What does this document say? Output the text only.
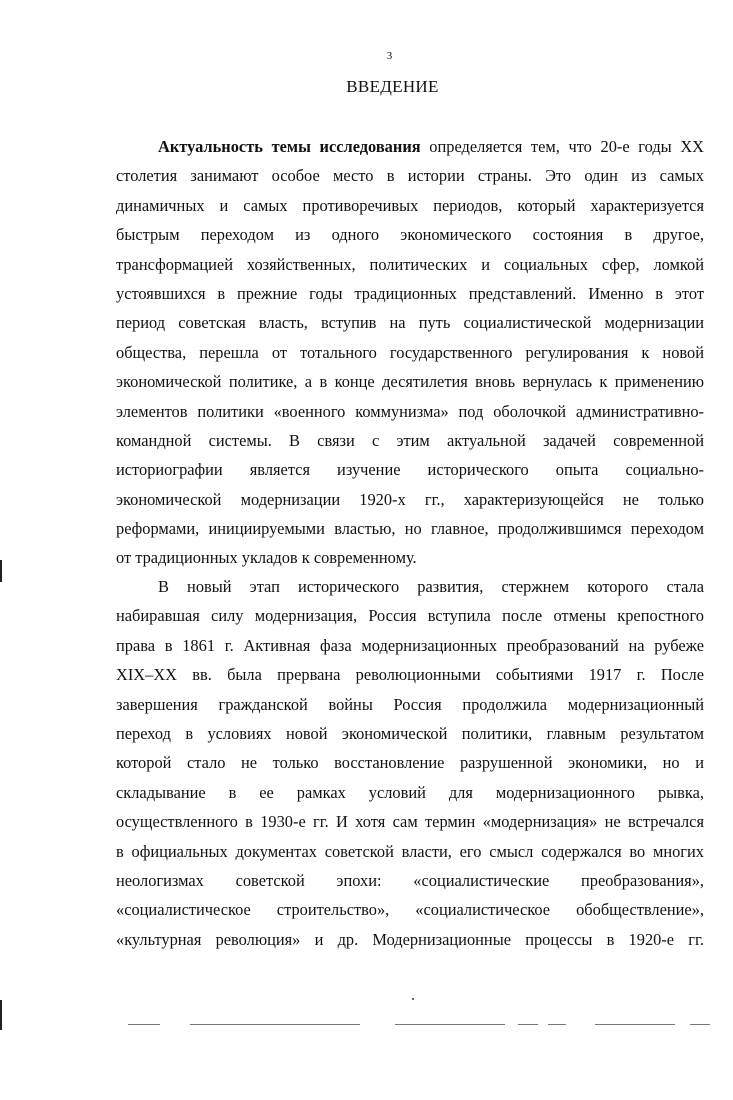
3
ВВЕДЕНИЕ
Актуальность темы исследования определяется тем, что 20-е годы XX
столетия занимают особое место в истории страны. Это один из самых
динамичных и самых противоречивых периодов, который характеризуется
быстрым переходом из одного экономического состояния в другое,
трансформацией хозяйственных, политических и социальных сфер, ломкой
устоявшихся в прежние годы традиционных представлений. Именно в этот
период советская власть, вступив на путь социалистической модернизации
общества, перешла от тотального государственного регулирования к новой
экономической политике, а в конце десятилетия вновь вернулась к применению
элементов политики «военного коммунизма» под оболочкой административно-
командной системы. В связи с этим актуальной задачей современной
историографии является изучение исторического опыта социально-
экономической модернизации 1920-х гг., характеризующейся не только
реформами, инициируемыми властью, но главное, продолжившимся переходом
от традиционных укладов к современному.
В новый этап исторического развития, стержнем которого стала
набиравшая силу модернизация, Россия вступила после отмены крепостного
права в 1861 г. Активная фаза модернизационных преобразований на рубеже
XIX–XX вв. была прервана революционными событиями 1917 г. После
завершения гражданской войны Россия продолжила модернизационный
переход в условиях новой экономической политики, главным результатом
которой стало не только восстановление разрушенной экономики, но и
складывание в ее рамках условий для модернизационного рывка,
осуществленного в 1930-е гг. И хотя сам термин «модернизация» не встречался
в официальных документах советской власти, его смысл содержался во многих
неологизмах советской эпохи: «социалистические преобразования»,
«социалистическое строительство», «социалистическое обобществление»,
«культурная революция» и др. Модернизационные процессы в 1920-е гг.
